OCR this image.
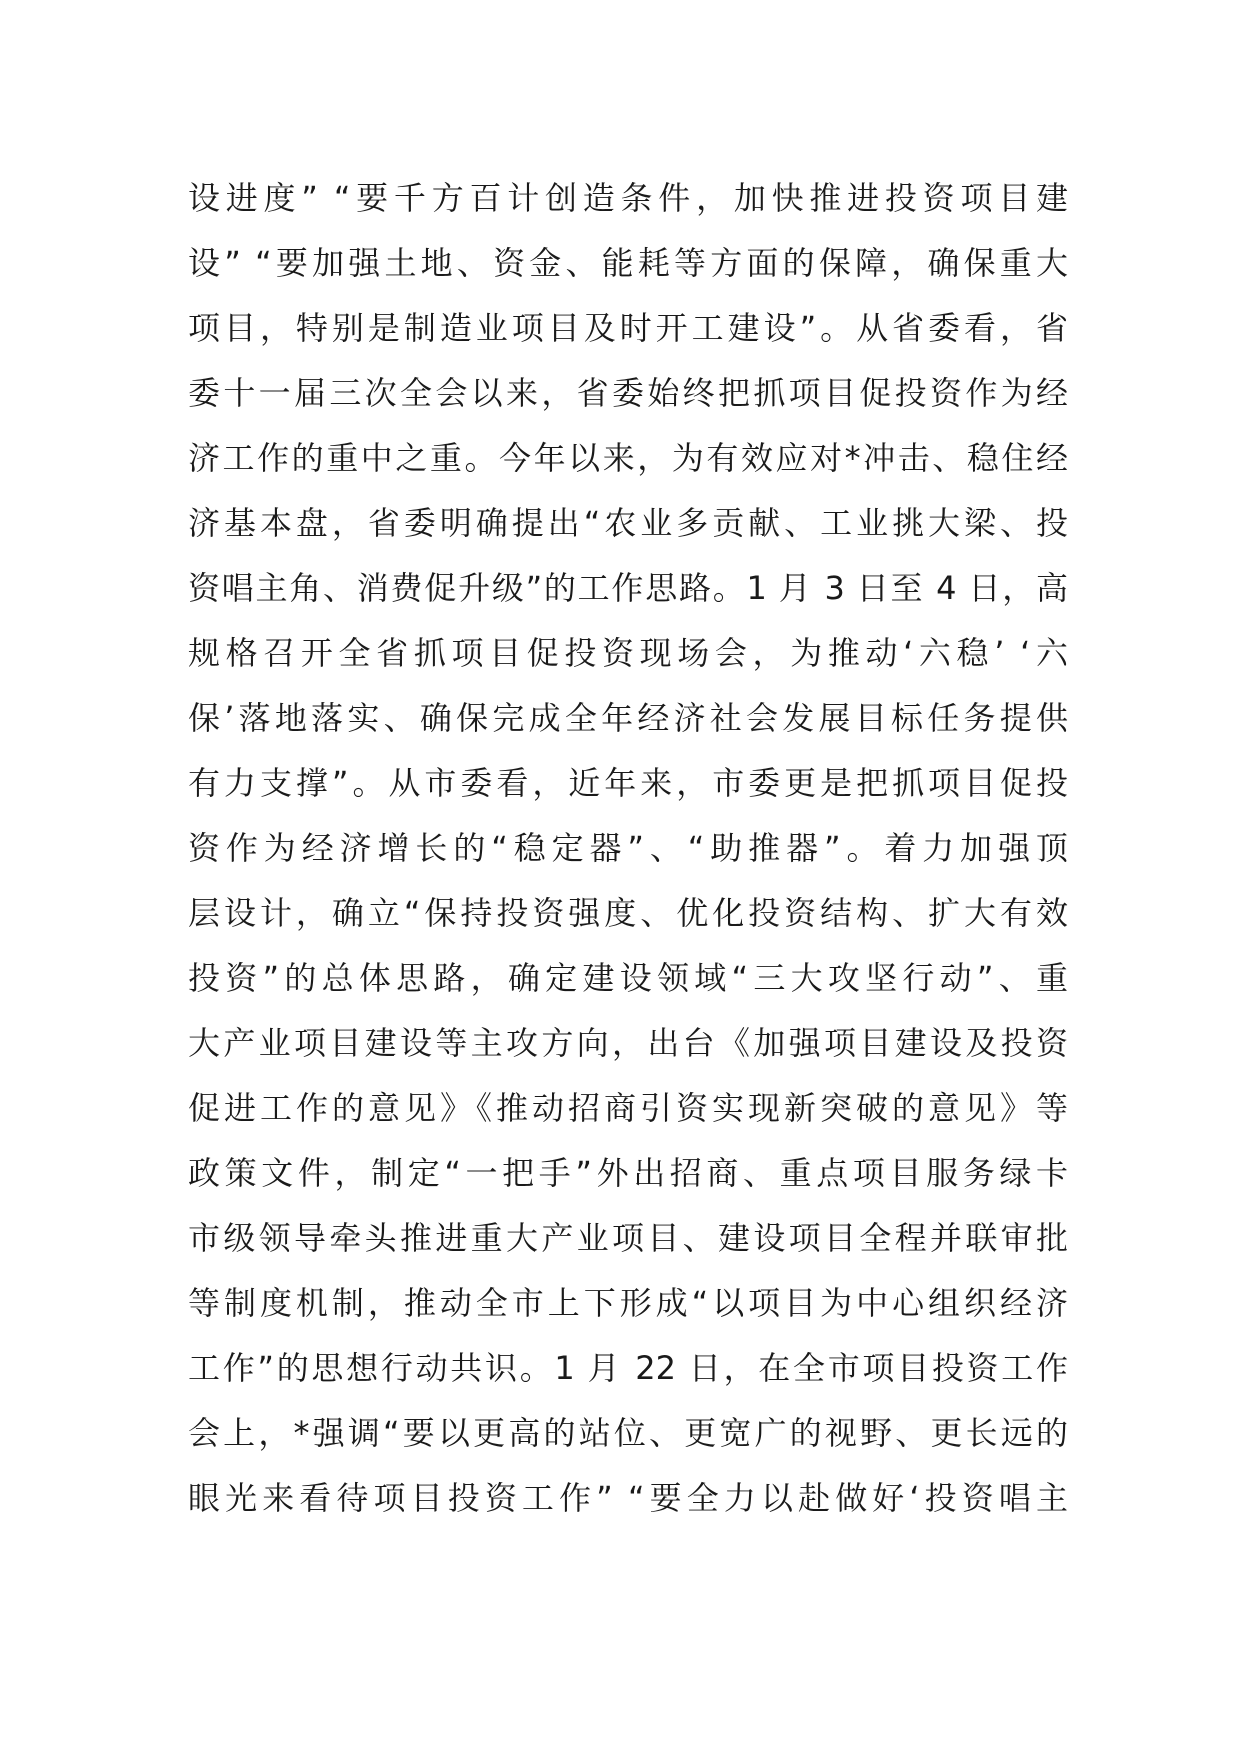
设进度” “要千方百计创造条件，加快推进投资项目建
设” “要加强土地、资金、能耗等方面的保障，确保重大
项目，特别是制造业项目及时开工建设”。从省委看，省
委十一届三次全会以来，省委始终把抓项目促投资作为经
济工作的重中之重。今年以来，为有效应对*冲击、稳住经
济基本盘，省委明确提出“农业多贡献、工业挑大梁、投
资唱主角、消费促升级”的工作思路。1 月 3 日至 4 日，高
规格召开全省抓项目促投资现场会，为推动‘六稳’ ‘六
保’落地落实、确保完成全年经济社会发展目标任务提供
有力支撑”。从市委看，近年来，市委更是把抓项目促投
资作为经济增长的“稳定器”、“助推器”。着力加强顶
层设计，确立“保持投资强度、优化投资结构、扩大有效
投资”的总体思路，确定建设领域“三大攻坚行动”、重
大产业项目建设等主攻方向，出台《加强项目建设及投资
促进工作的意见》《推动招商引资实现新突破的意见》等
政策文件，制定“一把手”外出招商、重点项目服务绿卡
市级领导牵头推进重大产业项目、建设项目全程并联审批
等制度机制，推动全市上下形成“以项目为中心组织经济
工作”的思想行动共识。1 月 22 日，在全市项目投资工作
会上，*强调“要以更高的站位、更宽广的视野、更长远的
眼光来看待项目投资工作” “要全力以赴做好‘投资唱主
